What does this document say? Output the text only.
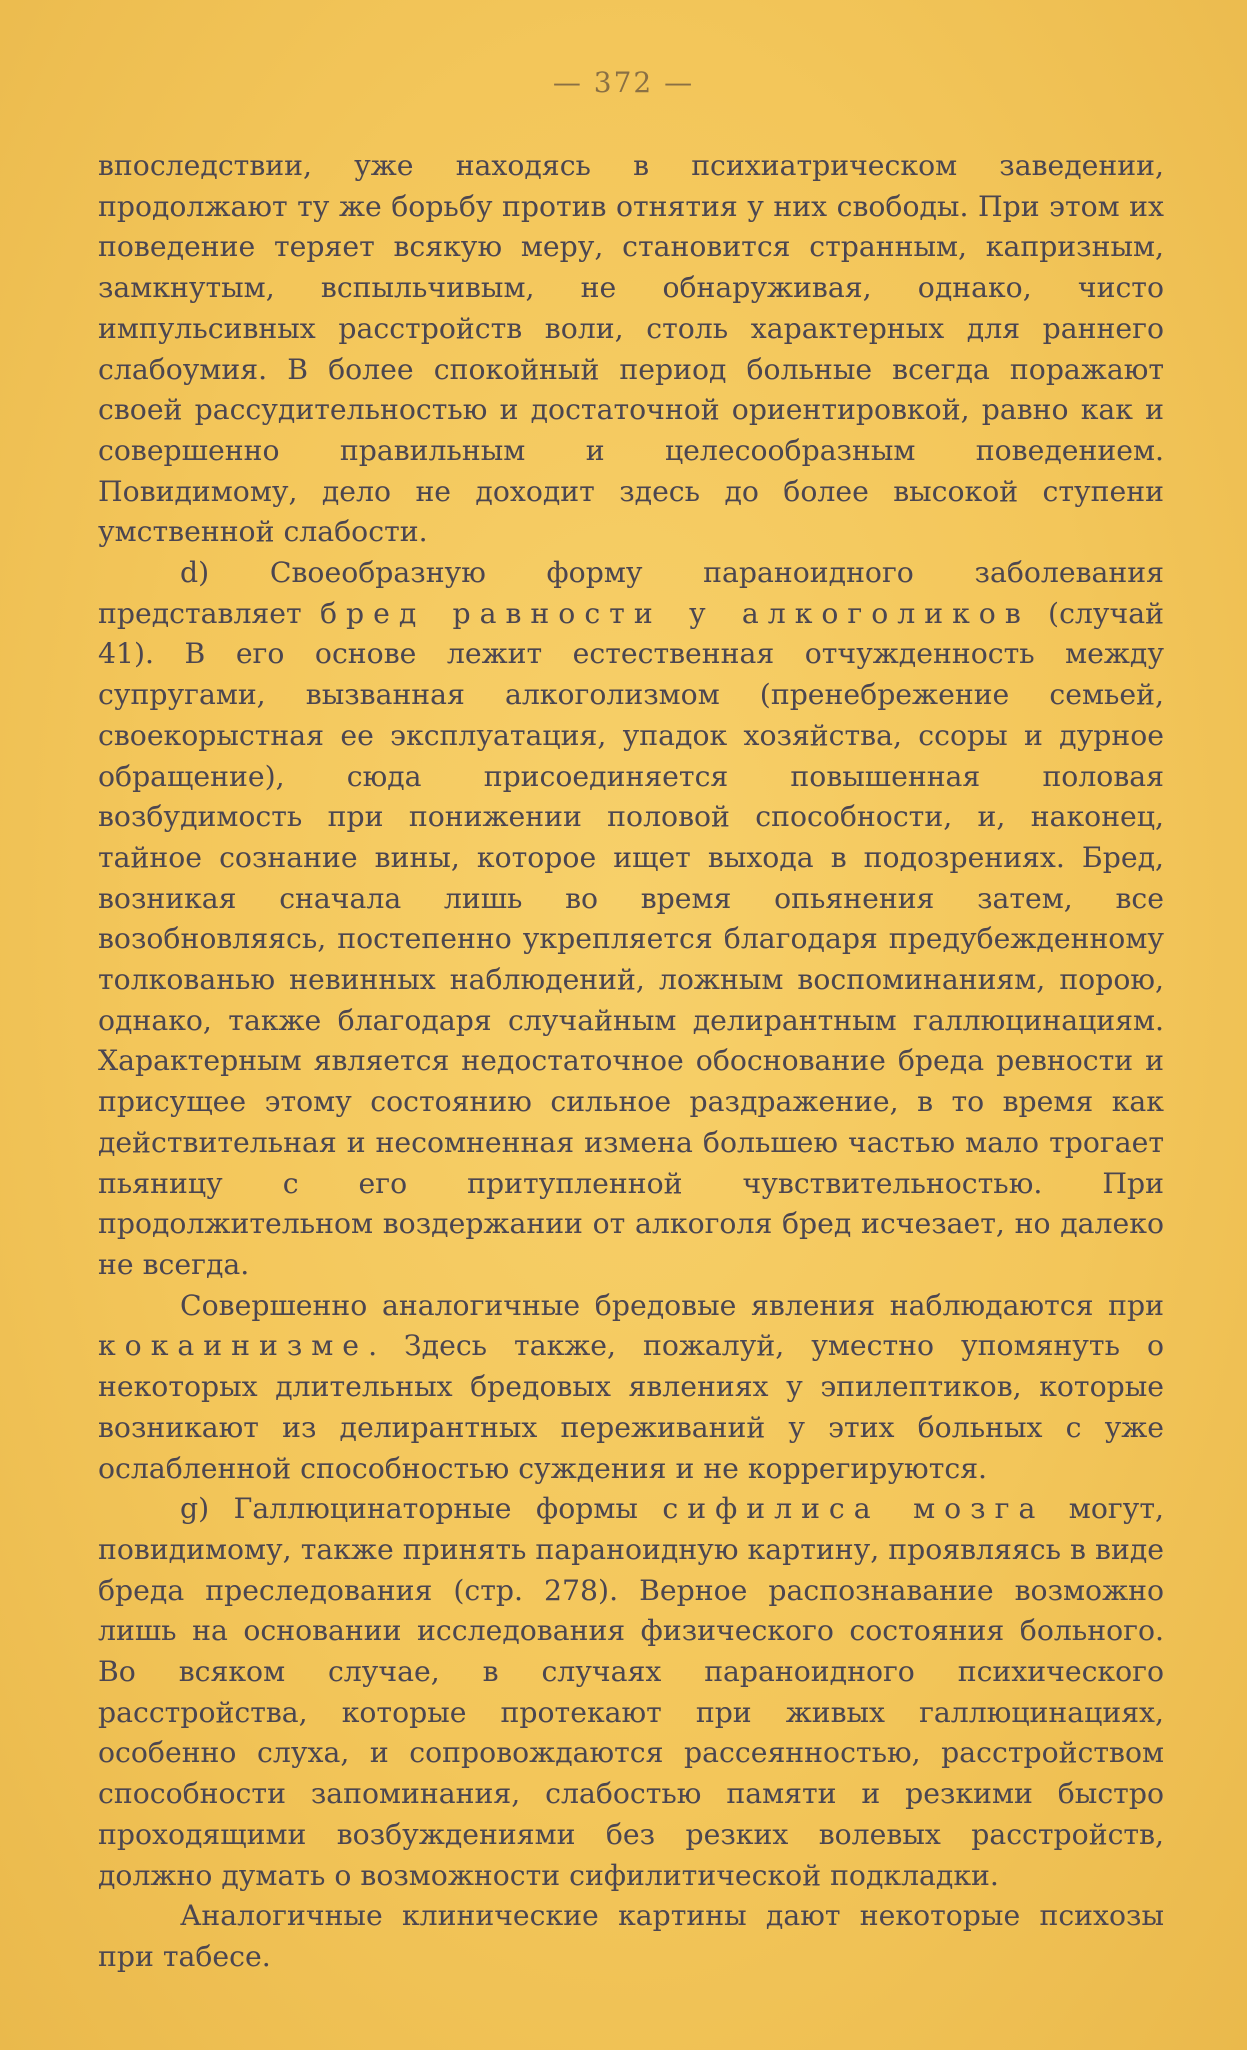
— 372 —

впоследствии, уже находясь в психиатрическом заведении, продолжают ту же борьбу против отнятия у них свободы. При этом их поведение теряет всякую меру, становится странным, капризным, замкнутым, вспыльчивым, не обнаруживая, однако, чисто импульсивных расстройств воли, столь характерных для раннего слабоумия. В более спокойный период больные всегда поражают своей рассудительностью и достаточной ориентировкой, равно как и совершенно правильным и целесообразным поведением. Повидимому, дело не доходит здесь до более высокой ступени умственной слабости.

d) Своеобразную форму параноидного заболевания представляет бред равности у алкоголиков (случай 41). В его основе лежит естественная отчужденность между супругами, вызванная алкоголизмом (пренебрежение семьей, своекорыстная ее эксплуатация, упадок хозяйства, ссоры и дурное обращение), сюда присоединяется повышенная половая возбудимость при понижении половой способности, и, наконец, тайное сознание вины, которое ищет выхода в подозрениях. Бред, возникая сначала лишь во время опьянения затем, все возобновляясь, постепенно укрепляется благодаря предубежденному толкованью невинных наблюдений, ложным воспоминаниям, порою, однако, также благодаря случайным делирантным галлюцинациям. Характерным является недостаточное обоснование бреда ревности и присущее этому состоянию сильное раздражение, в то время как действительная и несомненная измена большею частью мало трогает пьяницу с его притупленной чувствительностью. При продолжительном воздержании от алкоголя бред исчезает, но далеко не всегда.

Совершенно аналогичные бредовые явления наблюдаются при кокаинизме. Здесь также, пожалуй, уместно упомянуть о некоторых длительных бредовых явлениях у эпилептиков, которые возникают из делирантных переживаний у этих больных с уже ослабленной способностью суждения и не коррегируются.

g) Галлюцинаторные формы сифилиса мозга могут, повидимому, также принять параноидную картину, проявляясь в виде бреда преследования (стр. 278). Верное распознавание возможно лишь на основании исследования физического состояния больного. Во всяком случае, в случаях параноидного психического расстройства, которые протекают при живых галлюцинациях, особенно слуха, и сопровождаются рассеянностью, расстройством способности запоминания, слабостью памяти и резкими быстро проходящими возбуждениями без резких волевых расстройств, должно думать о возможности сифилитической подкладки.

Аналогичные клинические картины дают некоторые психозы при табесе.
